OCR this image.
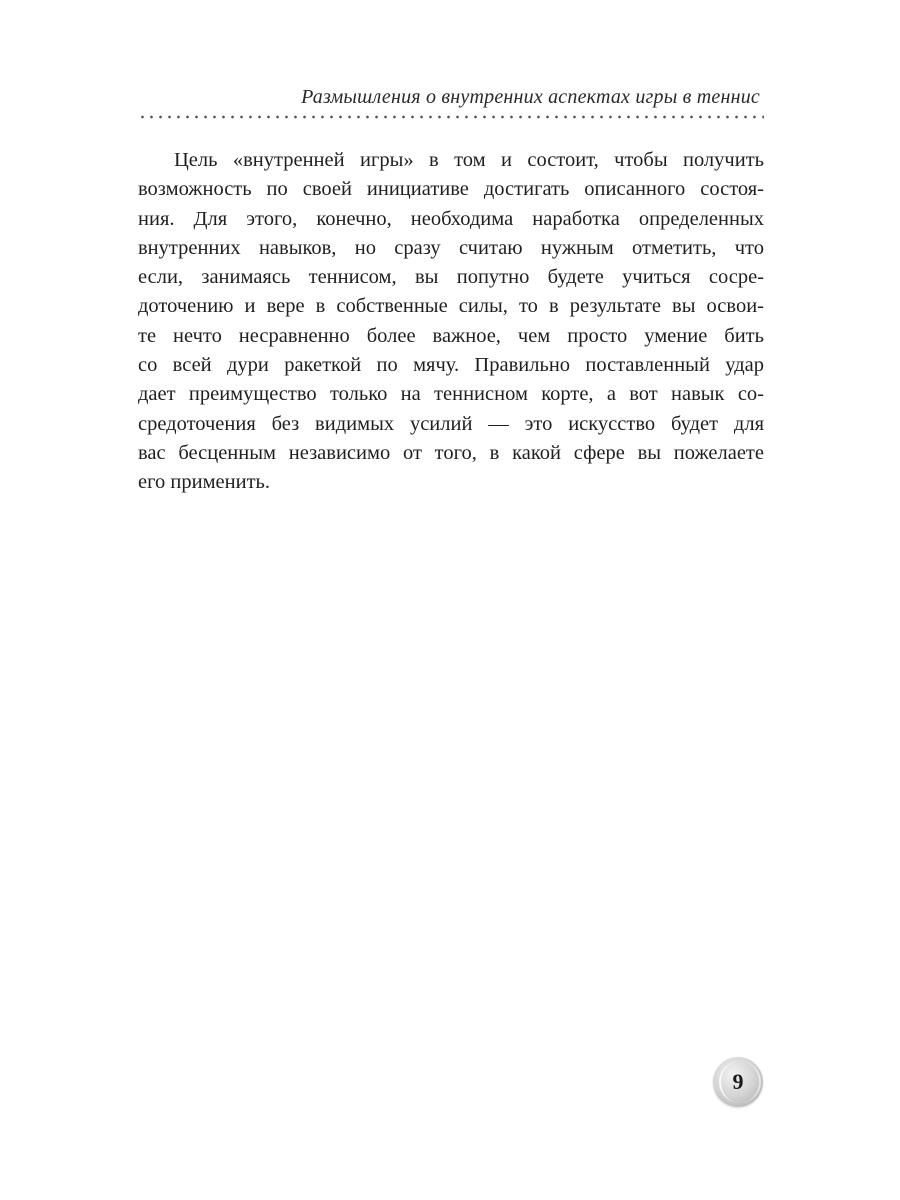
Размышления о внутренних аспектах игры в теннис
Цель «внутренней игры» в том и состоит, чтобы получить
возможность по своей инициативе достигать описанного состоя-
ния. Для этого, конечно, необходима наработка определенных
внутренних навыков, но сразу считаю нужным отметить, что
если, занимаясь теннисом, вы попутно будете учиться сосре-
доточению и вере в собственные силы, то в результате вы освои-
те нечто несравненно более важное, чем просто умение бить
со всей дури ракеткой по мячу. Правильно поставленный удар
дает преимущество только на теннисном корте, а вот навык со-
средоточения без видимых усилий — это искусство будет для
вас бесценным независимо от того, в какой сфере вы пожелаете
его применить.
9
